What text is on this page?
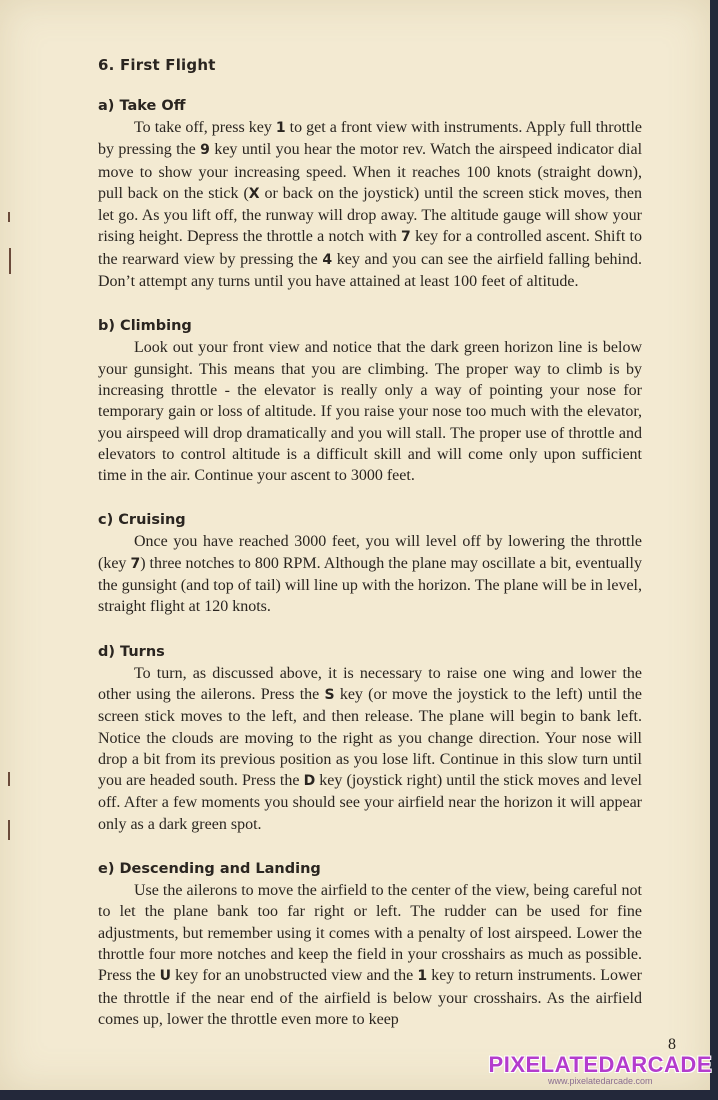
6. First Flight
a) Take Off

To take off, press key 1 to get a front view with instruments. Apply full throttle by pressing the 9 key until you hear the motor rev. Watch the airspeed indicator dial move to show your increasing speed. When it reaches 100 knots (straight down), pull back on the stick (X or back on the joystick) until the screen stick moves, then let go. As you lift off, the runway will drop away. The altitude gauge will show your rising height. Depress the throttle a notch with 7 key for a controlled ascent. Shift to the rearward view by pressing the 4 key and you can see the airfield falling behind. Don’t attempt any turns until you have attained at least 100 feet of altitude.

b) Climbing

Look out your front view and notice that the dark green horizon line is below your gunsight. This means that you are climbing. The proper way to climb is by increasing throttle - the elevator is really only a way of pointing your nose for temporary gain or loss of altitude. If you raise your nose too much with the elevator, you airspeed will drop dramatically and you will stall. The proper use of throttle and elevators to control altitude is a difficult skill and will come only upon sufficient time in the air. Continue your ascent to 3000 feet.

c) Cruising

Once you have reached 3000 feet, you will level off by lowering the throttle (key 7) three notches to 800 RPM. Although the plane may oscillate a bit, eventually the gunsight (and top of tail) will line up with the horizon. The plane will be in level, straight flight at 120 knots.

d) Turns

To turn, as discussed above, it is necessary to raise one wing and lower the other using the ailerons. Press the S key (or move the joystick to the left) until the screen stick moves to the left, and then release. The plane will begin to bank left. Notice the clouds are moving to the right as you change direction. Your nose will drop a bit from its previous position as you lose lift. Continue in this slow turn until you are headed south. Press the D key (joystick right) until the stick moves and level off. After a few moments you should see your airfield near the horizon it will appear only as a dark green spot.

e) Descending and Landing

Use the ailerons to move the airfield to the center of the view, being careful not to let the plane bank too far right or left. The rudder can be used for fine adjustments, but remember using it comes with a penalty of lost airspeed. Lower the throttle four more notches and keep the field in your crosshairs as much as possible. Press the U key for an unobstructed view and the 1 key to return instruments. Lower the throttle if the near end of the airfield is below your crosshairs. As the airfield comes up, lower the throttle even more to keep

8
PIXELATEDARCADE
www.pixelatedarcade.com
